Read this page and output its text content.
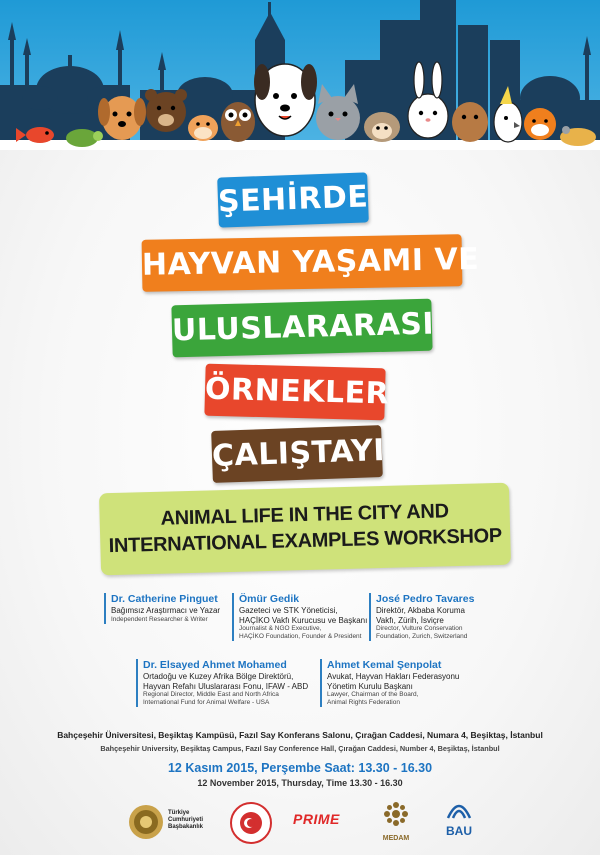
ŞEHİRDE
HAYVAN YAŞAMI VE
ULUSLARARASI
ÖRNEKLER
ÇALIŞTAYI
ANIMAL LIFE IN THE CITY AND
INTERNATIONAL EXAMPLES WORKSHOP
Dr. Catherine Pinguet
Bağımsız Araştırmacı ve Yazar
Independent Researcher & Writer
Ömür Gedik
Gazeteci ve STK Yöneticisi,
HAÇİKO Vakfı Kurucusu ve Başkanı
Journalist & NGO Executive,
HAÇİKO Foundation, Founder & President
José Pedro Tavares
Direktör, Akbaba Koruma
Vakfı, Zürih, İsviçre
Director, Vulture Conservation
Foundation, Zurich, Switzerland
Dr. Elsayed Ahmet Mohamed
Ortadoğu ve Kuzey Afrika Bölge Direktörü,
Hayvan Refahı Uluslararası Fonu, IFAW - ABD
Regional Director, Middle East and North Africa
International Fund for Animal Welfare - USA
Ahmet Kemal Şenpolat
Avukat, Hayvan Hakları Federasyonu
Yönetim Kurulu Başkanı
Lawyer, Chairman of the Board,
Animal Rights Federation
Bahçeşehir Üniversitesi, Beşiktaş Kampüsü, Fazıl Say Konferans Salonu, Çırağan Caddesi, Numara 4, Beşiktaş, İstanbul
Bahçeşehir University, Beşiktaş Campus, Fazıl Say Conference Hall, Çırağan Caddesi, Number 4, Beşiktaş, İstanbul
12 Kasım 2015, Perşembe Saat: 13.30 - 16.30
12 November 2015, Thursday, Time 13.30 - 16.30
Türkiye
Cumhuriyeti
Başbakanlık	PRIME
MEDAM
BAU
